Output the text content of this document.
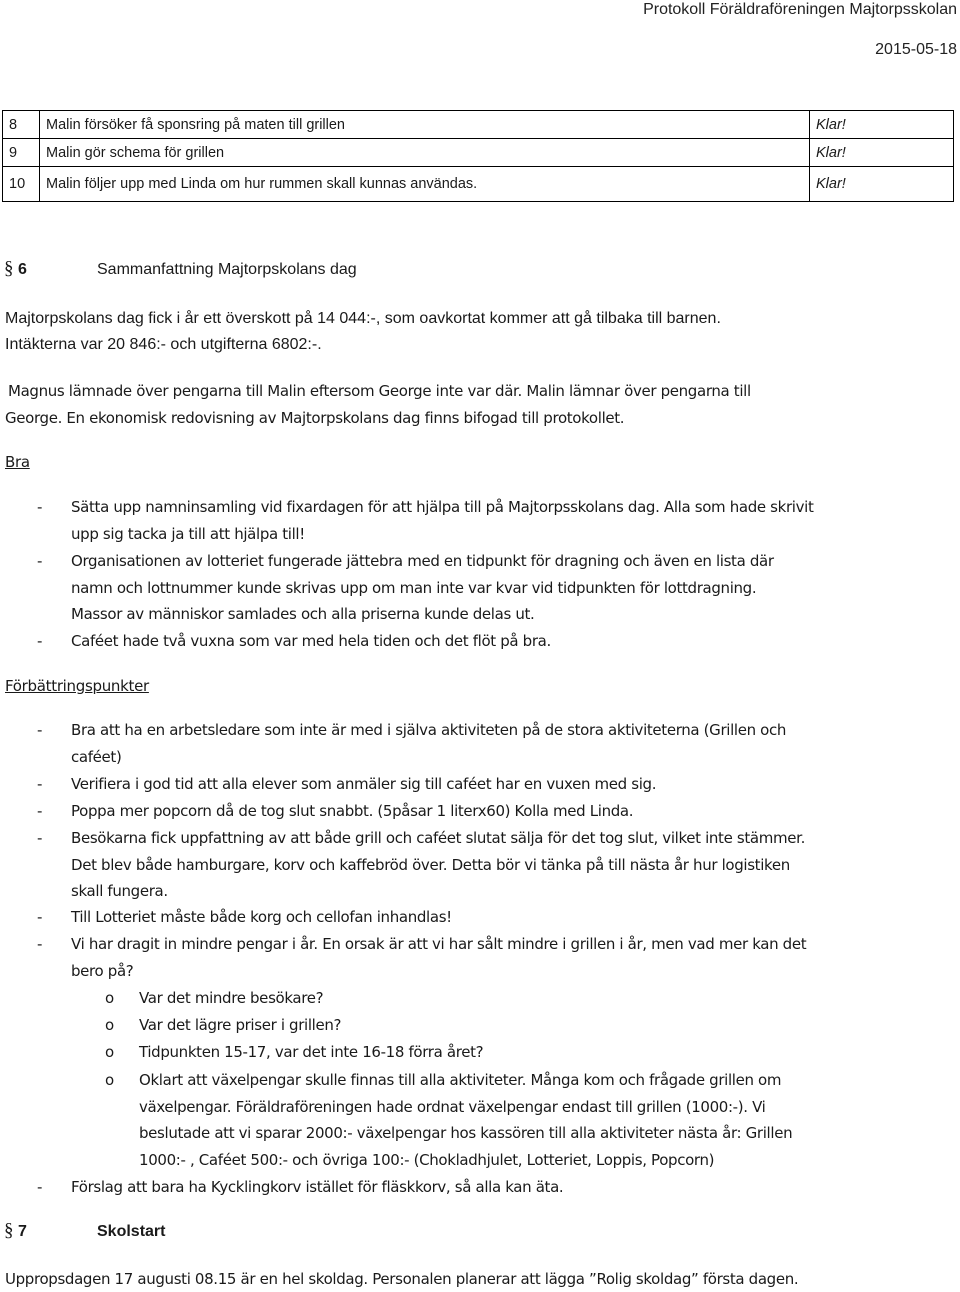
Protokoll Föräldraföreningen Majtorpsskolan
2015-05-18
8	Malin försöker få sponsring på maten till grillen	Klar!
9	Malin gör schema för grillen	Klar!
10	Malin följer upp med Linda om hur rummen skall kunnas användas.	Klar!
§ 6	Sammanfattning Majtorpskolans dag
Majtorpskolans dag fick i år ett överskott på 14 044:-, som oavkortat kommer att gå tilbaka till barnen.
Intäkterna var 20 846:- och utgifterna 6802:-.
Magnus lämnade över pengarna till Malin eftersom George inte var där. Malin lämnar över pengarna till
George. En ekonomisk redovisning av Majtorpskolans dag finns bifogad till protokollet.
Bra
- Sätta upp namninsamling vid fixardagen för att hjälpa till på Majtorpsskolans dag. Alla som hade skrivit
upp sig tacka ja till att hjälpa till!
- Organisationen av lotteriet fungerade jättebra med en tidpunkt för dragning och även en lista där
namn och lottnummer kunde skrivas upp om man inte var kvar vid tidpunkten för lottdragning.
Massor av människor samlades och alla priserna kunde delas ut.
- Caféet hade två vuxna som var med hela tiden och det flöt på bra.
Förbättringspunkter
- Bra att ha en arbetsledare som inte är med i själva aktiviteten på de stora aktiviteterna (Grillen och
caféet)
- Verifiera i god tid att alla elever som anmäler sig till caféet har en vuxen med sig.
- Poppa mer popcorn då de tog slut snabbt. (5påsar 1 literx60) Kolla med Linda.
- Besökarna fick uppfattning av att både grill och caféet slutat sälja för det tog slut, vilket inte stämmer.
Det blev både hamburgare, korv och kaffebröd över. Detta bör vi tänka på till nästa år hur logistiken
skall fungera.
- Till Lotteriet måste både korg och cellofan inhandlas!
- Vi har dragit in mindre pengar i år. En orsak är att vi har sålt mindre i grillen i år, men vad mer kan det
bero på?
o Var det mindre besökare?
o Var det lägre priser i grillen?
o Tidpunkten 15-17, var det inte 16-18 förra året?
o Oklart att växelpengar skulle finnas till alla aktiviteter. Många kom och frågade grillen om
växelpengar. Föräldraföreningen hade ordnat växelpengar endast till grillen (1000:-). Vi
beslutade att vi sparar 2000:- växelpengar hos kassören till alla aktiviteter nästa år: Grillen
1000:- , Caféet 500:- och övriga 100:- (Chokladhjulet, Lotteriet, Loppis, Popcorn)
- Förslag att bara ha Kycklingkorv istället för fläskkorv, så alla kan äta.
§ 7	Skolstart
Uppropsdagen 17 augusti 08.15 är en hel skoldag. Personalen planerar att lägga ”Rolig skoldag” första dagen.
